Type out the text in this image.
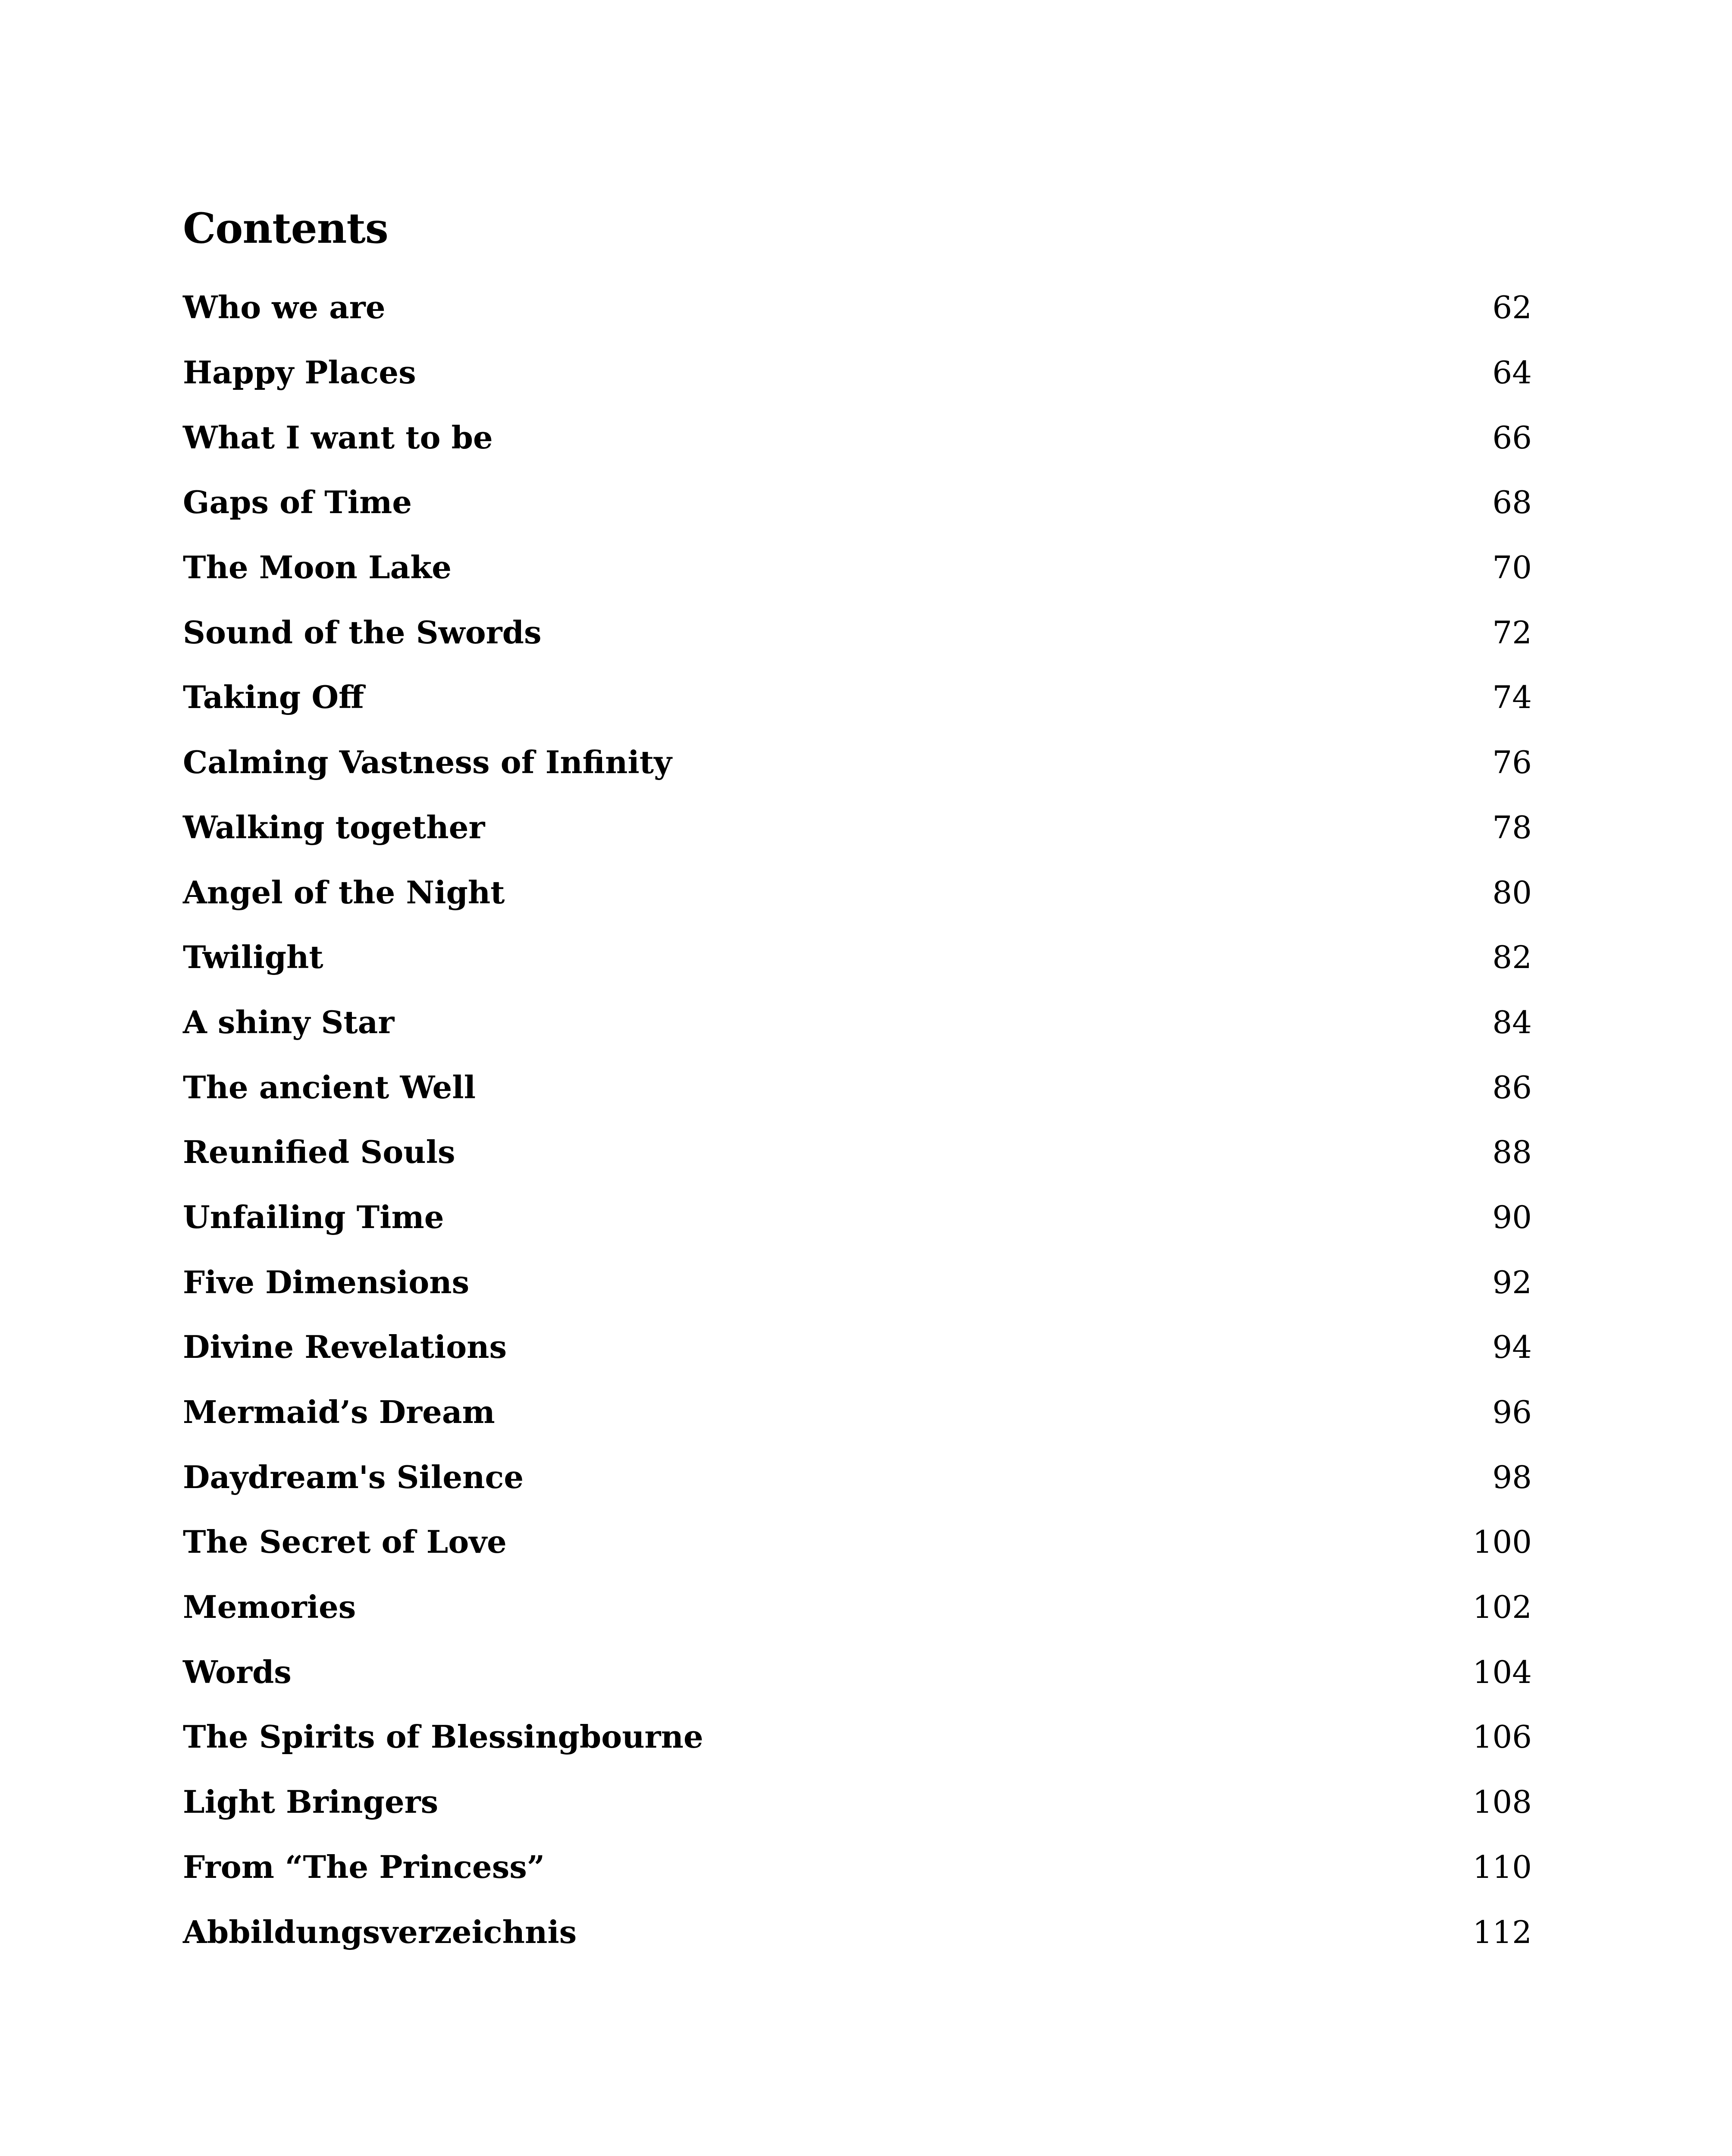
Contents
Who we are	62
Happy Places	64
What I want to be	66
Gaps of Time	68
The Moon Lake	70
Sound of the Swords	72
Taking Off	74
Calming Vastness of Infinity	76
Walking together	78
Angel of the Night	80
Twilight	82
A shiny Star	84
The ancient Well	86
Reunified Souls	88
Unfailing Time	90
Five Dimensions	92
Divine Revelations	94
Mermaid’s Dream	96
Daydream's Silence	98
The Secret of Love	100
Memories	102
Words	104
The Spirits of Blessingbourne	106
Light Bringers	108
From “The Princess”	110
Abbildungsverzeichnis	112
